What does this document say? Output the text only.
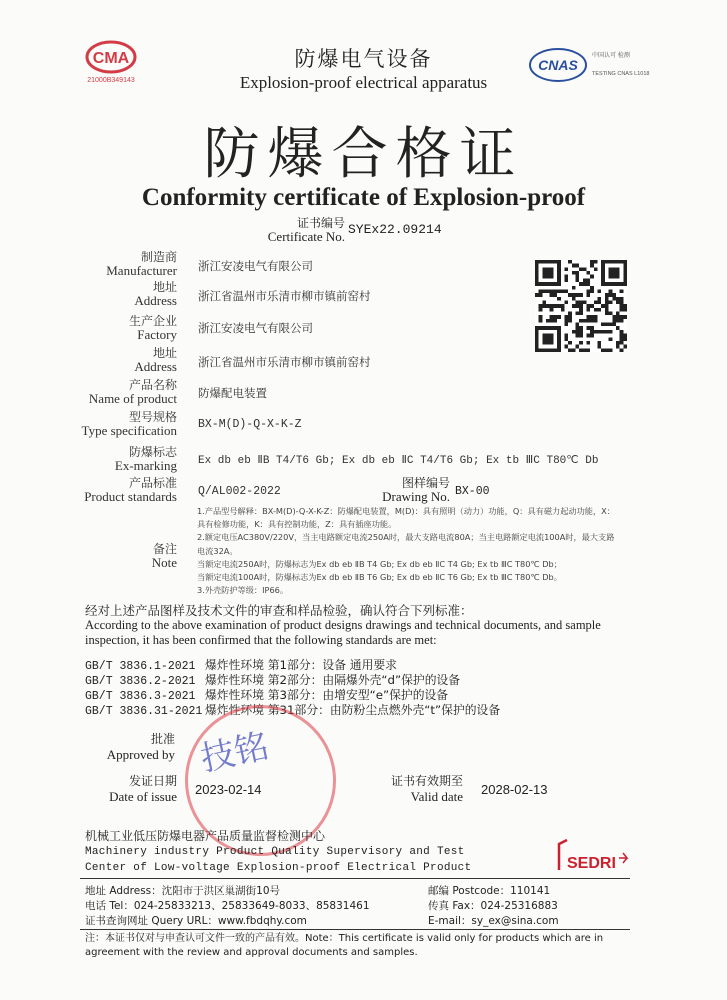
CMA
21000B349143
CNAS
中国认可 检测
TESTING CNAS L1018
防爆电气设备
Explosion-proof electrical apparatus
防爆合格证
Conformity certificate of Explosion-proof
证书编号
Certificate No. SYEx22.09214
制造商
Manufacturer 浙江安凌电气有限公司
地址
Address 浙江省温州市乐清市柳市镇前窑村
生产企业
Factory 浙江安凌电气有限公司
地址
Address 浙江省温州市乐清市柳市镇前窑村
产品名称
Name of product 防爆配电装置
型号规格
Type specification BX-M(D)-Q-X-K-Z
防爆标志
Ex-marking Ex db eb ⅡB T4/T6 Gb; Ex db eb ⅡC T4/T6 Gb; Ex tb ⅢC T80℃ Db
产品标准
Product standards Q/AL002-2022
图样编号
Drawing No. BX-00
备注
Note
1.产品型号解释：BX-M(D)-Q-X-K-Z：防爆配电装置，M(D)：具有照明（动力）功能，Q：具有磁力起动功能，X：
具有检修功能，K：具有控制功能，Z：具有插座功能。
2.额定电压AC380V/220V，当主电路额定电流250A时，最大支路电流80A；当主电路额定电流100A时，最大支路
电流32A。
当额定电流250A时，防爆标志为Ex db eb ⅡB T4 Gb; Ex db eb ⅡC T4 Gb; Ex tb ⅢC T80℃ Db；
当额定电流100A时，防爆标志为Ex db eb ⅡB T6 Gb; Ex db eb ⅡC T6 Gb; Ex tb ⅢC T80℃ Db。
3.外壳防护等级：IP66。
经对上述产品图样及技术文件的审查和样品检验，确认符合下列标准：
According to the above examination of product designs drawings and technical documents, and sample inspection, it has been confirmed that the following standards are met:
GB/T 3836.1-2021 爆炸性环境 第1部分：设备 通用要求
GB/T 3836.2-2021 爆炸性环境 第2部分：由隔爆外壳“d”保护的设备
GB/T 3836.3-2021 爆炸性环境 第3部分：由增安型“e”保护的设备
GB/T 3836.31-2021 爆炸性环境 第31部分：由防粉尘点燃外壳“t”保护的设备
技铭
批准
Approved by
发证日期
Date of issue 2023-02-14
证书有效期至
Valid date 2028-02-13
机械工业低压防爆电器产品质量监督检测中心
Machinery industry Product Quality Supervisory and Test
Center of Low-voltage Explosion-proof Electrical Product	SEDRI
地址 Address：沈阳市于洪区巢湖街10号	邮编 Postcode：110141
电话 Tel：024-25833213、25833649-8033、85831461	传真 Fax：024-25316883
证书查询网址 Query URL：www.fbdqhy.com	E-mail：sy_ex@sina.com
注：本证书仅对与申查认可文件一致的产品有效。Note：This certificate is valid only for products which are in agreement with the review and approval documents and samples.
